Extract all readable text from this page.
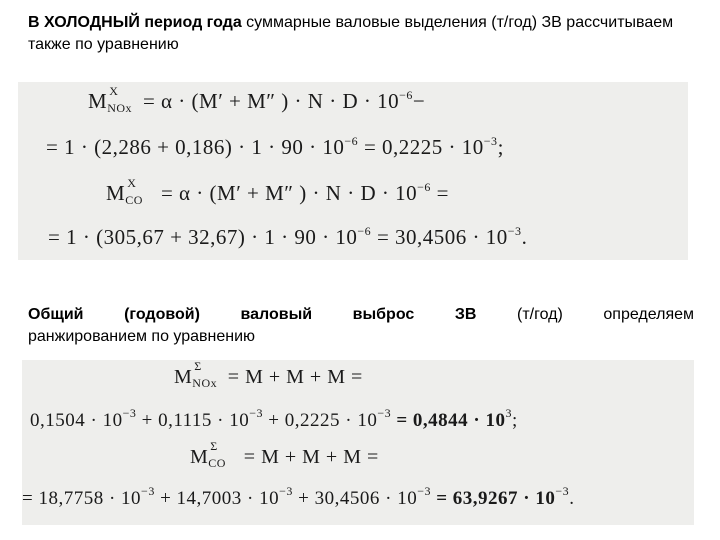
В ХОЛОДНЫЙ период года суммарные валовые выделения (т/год) ЗВ рассчитываем также по уравнению
M X
NOx = α · (M′ + M″ ) · $N \cdot D \cdot 10^{-6}-$
= $1 \cdot (2,286 + 0,186) \cdot 1 \cdot 90 \cdot 10^{-6} = 0,2225 \cdot 10^{-3}$;
M X
CO = α · (M′ + M″ ) · $N \cdot D \cdot 10^{-6}$ =
= $1 \cdot (305,67 + 32,67) \cdot 1 \cdot 90 \cdot 10^{-6} = 30,4506 \cdot 10^{-3}$.
Общий (годовой) валовый выброс ЗВ (т/год) определяем
ранжированием по уравнению
M Σ
NOx = M + M + M =
$0,1504 \cdot 10^{-3} + 0,1115 \cdot 10^{-3} + 0,2225 \cdot 10^{-3} = 0,4844 \cdot 10^3$;
M Σ
CO = M + M + M =
= $18,7758 \cdot 10^{-3} + 14,7003 \cdot 10^{-3} + 30,4506 \cdot 10^{-3} = 63,9267 \cdot 10^{-3}$.
